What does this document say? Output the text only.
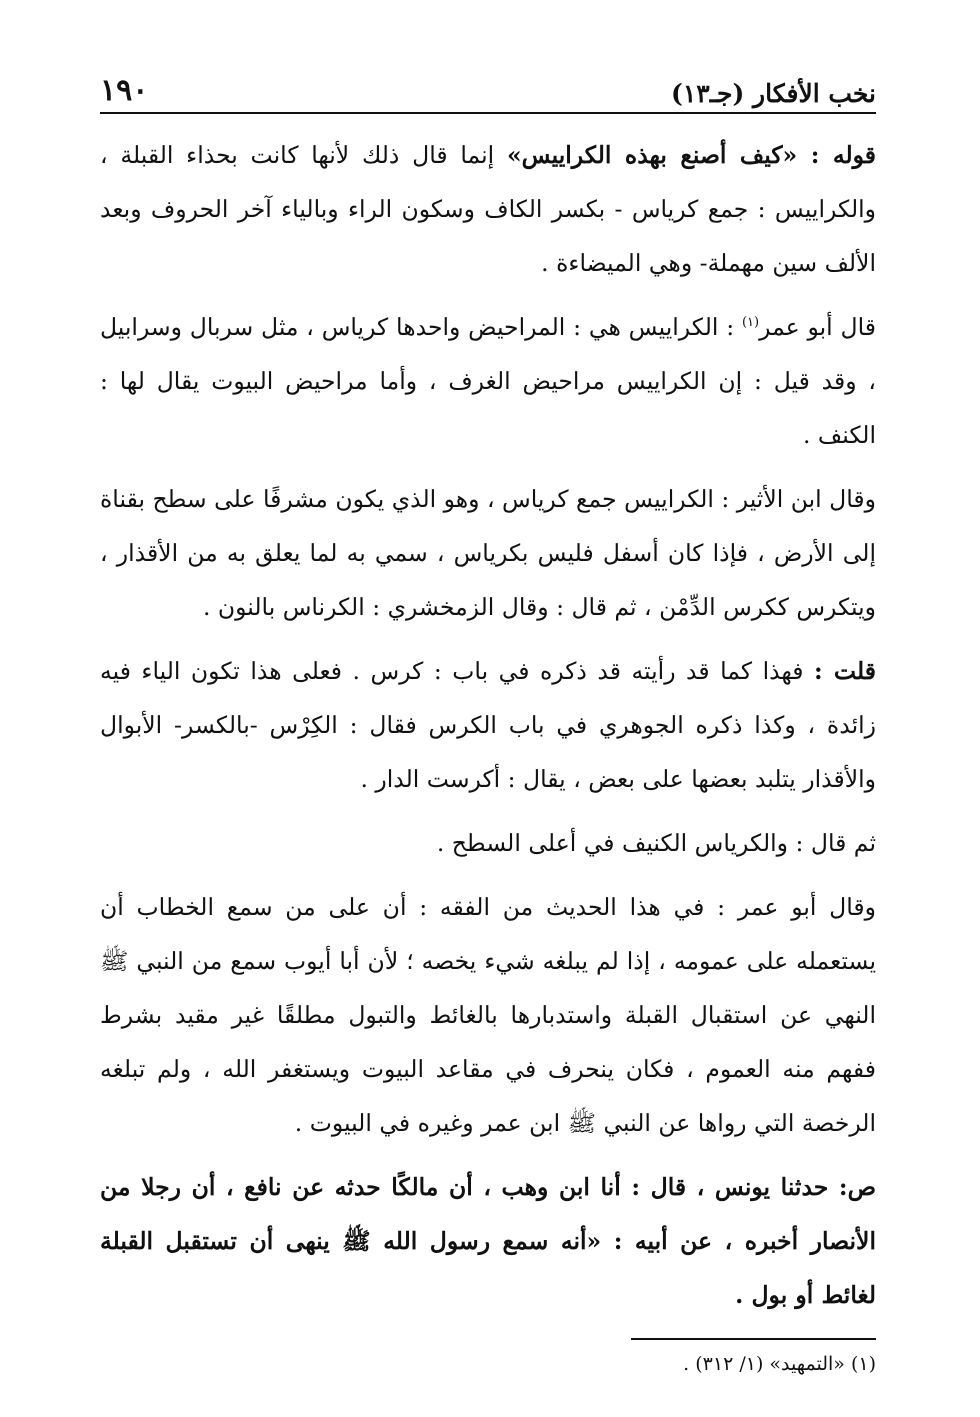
نخب الأفكار (جـ١٣)
١٩٠

قوله : «كيف أصنع بهذه الكراييس» إنما قال ذلك لأنها كانت بحذاء القبلة ، والكراييس : جمع كرياس - بكسر الكاف وسكون الراء وبالياء آخر الحروف وبعد الألف سين مهملة- وهي الميضاءة .

قال أبو عمر$^{(١)}$ : الكراييس هي : المراحيض واحدها كرياس ، مثل سربال وسرابيل ، وقد قيل : إن الكراييس مراحيض الغرف ، وأما مراحيض البيوت يقال لها : الكنف .

وقال ابن الأثير : الكراييس جمع كرياس ، وهو الذي يكون مشرفًا على سطح بقناة إلى الأرض ، فإذا كان أسفل فليس بكرياس ، سمي به لما يعلق به من الأقذار ، ويتكرس ككرس الدِّمْن ، ثم قال : وقال الزمخشري : الكرناس بالنون .

قلت : فهذا كما قد رأيته قد ذكره في باب : كرس . فعلى هذا تكون الياء فيه زائدة ، وكذا ذكره الجوهري في باب الكرس فقال : الكِرْس -بالكسر- الأبوال والأقذار يتلبد بعضها على بعض ، يقال : أكرست الدار .

ثم قال : والكرياس الكنيف في أعلى السطح .

وقال أبو عمر : في هذا الحديث من الفقه : أن على من سمع الخطاب أن يستعمله على عمومه ، إذا لم يبلغه شيء يخصه ؛ لأن أبا أيوب سمع من النبي ﷺ النهي عن استقبال القبلة واستدبارها بالغائط والتبول مطلقًا غير مقيد بشرط ففهم منه العموم ، فكان ينحرف في مقاعد البيوت ويستغفر الله ، ولم تبلغه الرخصة التي رواها عن النبي ﷺ ابن عمر وغيره في البيوت .

ص: حدثنا يونس ، قال : أنا ابن وهب ، أن مالكًا حدثه عن نافع ، أن رجلا من الأنصار أخبره ، عن أبيه : «أنه سمع رسول الله ﷺ ينهى أن تستقبل القبلة لغائط أو بول .

(١) «التمهيد» (١/ ٣١٢) .
